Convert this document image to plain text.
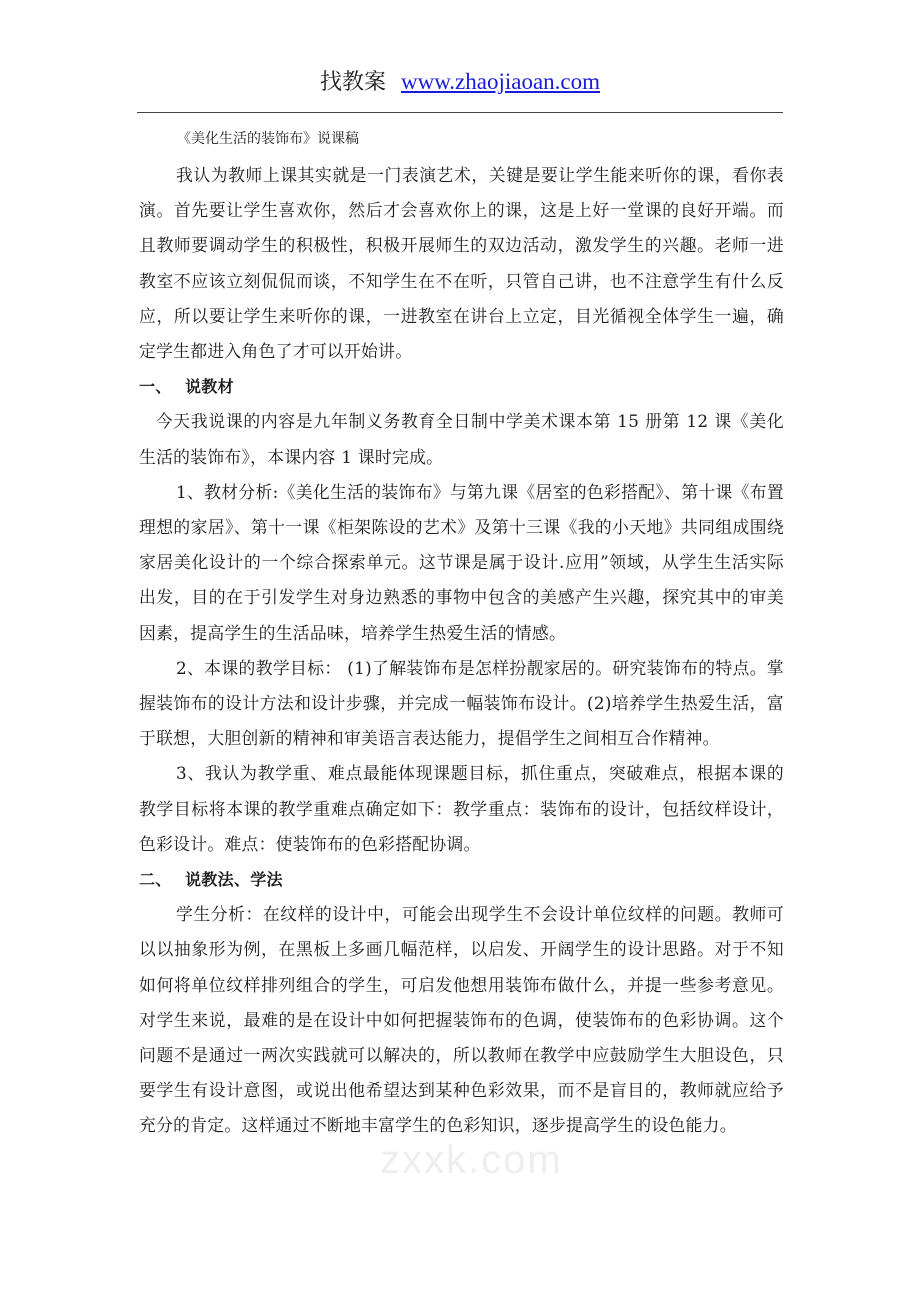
找教案 www.zhaojiaoan.com
《美化生活的装饰布》说课稿

我认为教师上课其实就是一门表演艺术，关键是要让学生能来听你的课，看你表演。首先要让学生喜欢你，然后才会喜欢你上的课，这是上好一堂课的良好开端。而且教师要调动学生的积极性，积极开展师生的双边活动，激发学生的兴趣。老师一进教室不应该立刻侃侃而谈，不知学生在不在听，只管自己讲，也不注意学生有什么反应，所以要让学生来听你的课，一进教室在讲台上立定，目光循视全体学生一遍，确定学生都进入角色了才可以开始讲。

一、 说教材

今天我说课的内容是九年制义务教育全日制中学美术课本第 15 册第 12 课《美化生活的装饰布》，本课内容 1 课时完成。

1、教材分析:《美化生活的装饰布》与第九课《居室的色彩搭配》、第十课《布置理想的家居》、第十一课《柜架陈设的艺术》及第十三课《我的小天地》共同组成围绕家居美化设计的一个综合探索单元。这节课是属于设计.应用”领域，从学生生活实际出发，目的在于引发学生对身边熟悉的事物中包含的美感产生兴趣，探究其中的审美因素，提高学生的生活品味，培养学生热爱生活的情感。

2、本课的教学目标： (1)了解装饰布是怎样扮靓家居的。研究装饰布的特点。掌握装饰布的设计方法和设计步骤，并完成一幅装饰布设计。(2)培养学生热爱生活，富于联想，大胆创新的精神和审美语言表达能力，提倡学生之间相互合作精神。

3、我认为教学重、难点最能体现课题目标，抓住重点，突破难点，根据本课的教学目标将本课的教学重难点确定如下：教学重点：装饰布的设计，包括纹样设计，色彩设计。难点：使装饰布的色彩搭配协调。

二、 说教法、学法

学生分析：在纹样的设计中，可能会出现学生不会设计单位纹样的问题。教师可以以抽象形为例，在黑板上多画几幅范样，以启发、开阔学生的设计思路。对于不知如何将单位纹样排列组合的学生，可启发他想用装饰布做什么，并提一些参考意见。对学生来说，最难的是在设计中如何把握装饰布的色调，使装饰布的色彩协调。这个问题不是通过一两次实践就可以解决的，所以教师在教学中应鼓励学生大胆设色，只要学生有设计意图，或说出他希望达到某种色彩效果，而不是盲目的，教师就应给予充分的肯定。这样通过不断地丰富学生的色彩知识，逐步提高学生的设色能力。

zxxk.com
